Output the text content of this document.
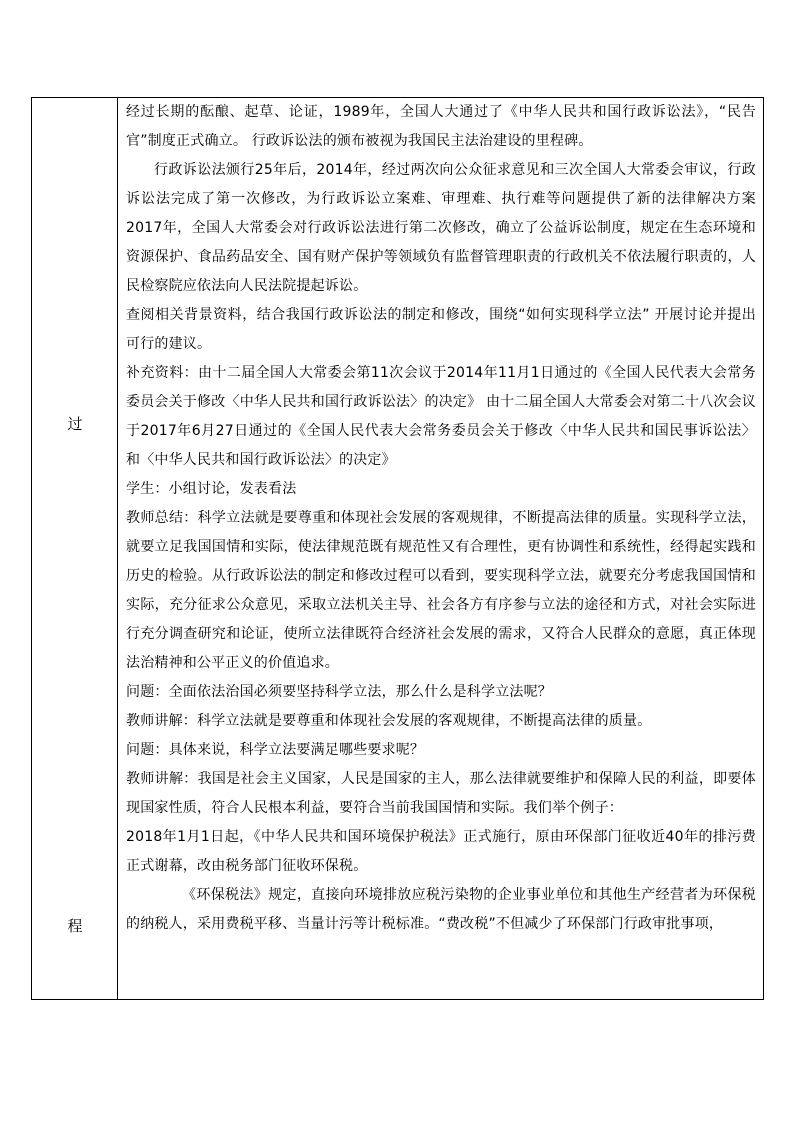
过
程

经过长期的酝酿、起草、论证，1989年，全国人大通过了《中华人民共和国行政诉讼法》，“民告官”制度正式确立。 行政诉讼法的颁布被视为我国民主法治建设的里程碑。

行政诉讼法颁行25年后，2014年，经过两次向公众征求意见和三次全国人大常委会审议，行政诉讼法完成了第一次修改，为行政诉讼立案难、审理难、执行难等问题提供了新的法律解决方案2017年，全国人大常委会对行政诉讼法进行第二次修改，确立了公益诉讼制度，规定在生态环境和资源保护、食品药品安全、国有财产保护等领域负有监督管理职责的行政机关不依法履行职责的，人民检察院应依法向人民法院提起诉讼。

查阅相关背景资料，结合我国行政诉讼法的制定和修改，围绕“如何实现科学立法” 开展讨论并提出可行的建议。

补充资料：由十二届全国人大常委会第11次会议于2014年11月1日通过的《全国人民代表大会常务委员会关于修改〈中华人民共和国行政诉讼法〉的决定》 由十二届全国人大常委会对第二十八次会议于2017年6月27日通过的《全国人民代表大会常务委员会关于修改〈中华人民共和国民事诉讼法〉和〈中华人民共和国行政诉讼法〉的决定》

学生：小组讨论，发表看法

教师总结：科学立法就是要尊重和体现社会发展的客观规律，不断提高法律的质量。实现科学立法，就要立足我国国情和实际，使法律规范既有规范性又有合理性，更有协调性和系统性，经得起实践和历史的检验。从行政诉讼法的制定和修改过程可以看到，要实现科学立法，就要充分考虑我国国情和实际，充分征求公众意见，采取立法机关主导、社会各方有序参与立法的途径和方式，对社会实际进行充分调查研究和论证，使所立法律既符合经济社会发展的需求，又符合人民群众的意愿，真正体现法治精神和公平正义的价值追求。

问题：全面依法治国必须要坚持科学立法，那么什么是科学立法呢？

教师讲解：科学立法就是要尊重和体现社会发展的客观规律，不断提高法律的质量。

问题：具体来说，科学立法要满足哪些要求呢？

教师讲解：我国是社会主义国家，人民是国家的主人，那么法律就要维护和保障人民的利益，即要体现国家性质，符合人民根本利益，要符合当前我国国情和实际。我们举个例子：

2018年1月1日起，《中华人民共和国环境保护税法》正式施行，原由环保部门征收近40年的排污费正式谢幕，改由税务部门征收环保税。

《环保税法》规定，直接向环境排放应税污染物的企业事业单位和其他生产经营者为环保税的纳税人，采用费税平移、当量计污等计税标准。“费改税”不但减少了环保部门行政审批事项，
